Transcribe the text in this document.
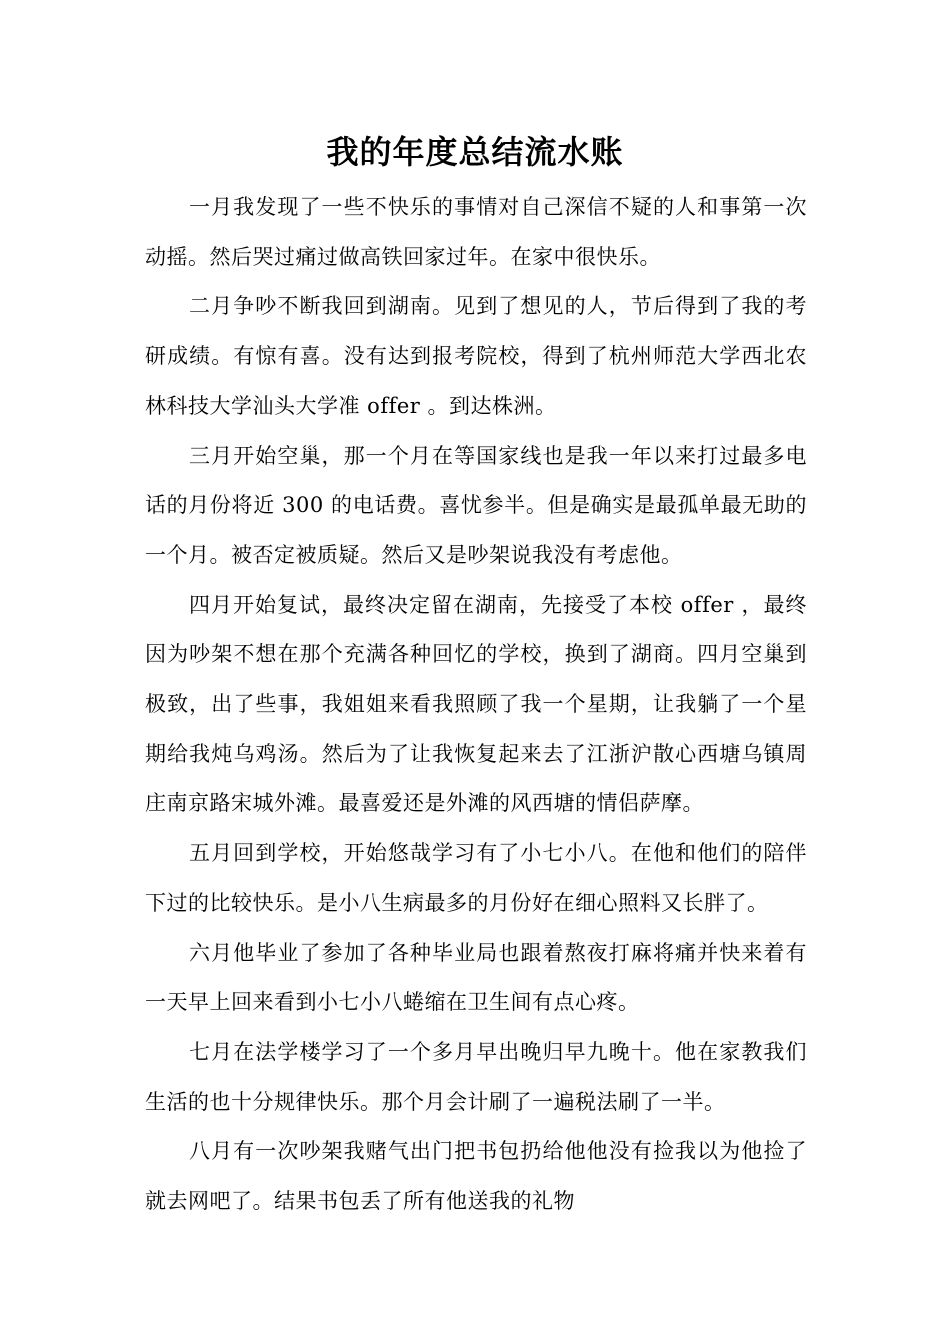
我的年度总结流水账

一月我发现了一些不快乐的事情对自己深信不疑的人和事第一次动摇。然后哭过痛过做高铁回家过年。在家中很快乐。

二月争吵不断我回到湖南。见到了想见的人，节后得到了我的考研成绩。有惊有喜。没有达到报考院校，得到了杭州师范大学西北农林科技大学汕头大学准 offer 。到达株洲。

三月开始空巢，那一个月在等国家线也是我一年以来打过最多电话的月份将近 300 的电话费。喜忧参半。但是确实是最孤单最无助的一个月。被否定被质疑。然后又是吵架说我没有考虑他。

四月开始复试，最终决定留在湖南，先接受了本校 offer ，最终因为吵架不想在那个充满各种回忆的学校，换到了湖商。四月空巢到极致，出了些事，我姐姐来看我照顾了我一个星期，让我躺了一个星期给我炖乌鸡汤。然后为了让我恢复起来去了江浙沪散心西塘乌镇周庄南京路宋城外滩。最喜爱还是外滩的风西塘的情侣萨摩。

五月回到学校，开始悠哉学习有了小七小八。在他和他们的陪伴下过的比较快乐。是小八生病最多的月份好在细心照料又长胖了。

六月他毕业了参加了各种毕业局也跟着熬夜打麻将痛并快来着有一天早上回来看到小七小八蜷缩在卫生间有点心疼。

七月在法学楼学习了一个多月早出晚归早九晚十。他在家教我们生活的也十分规律快乐。那个月会计刷了一遍税法刷了一半。

八月有一次吵架我赌气出门把书包扔给他他没有捡我以为他捡了就去网吧了。结果书包丢了所有他送我的礼物
